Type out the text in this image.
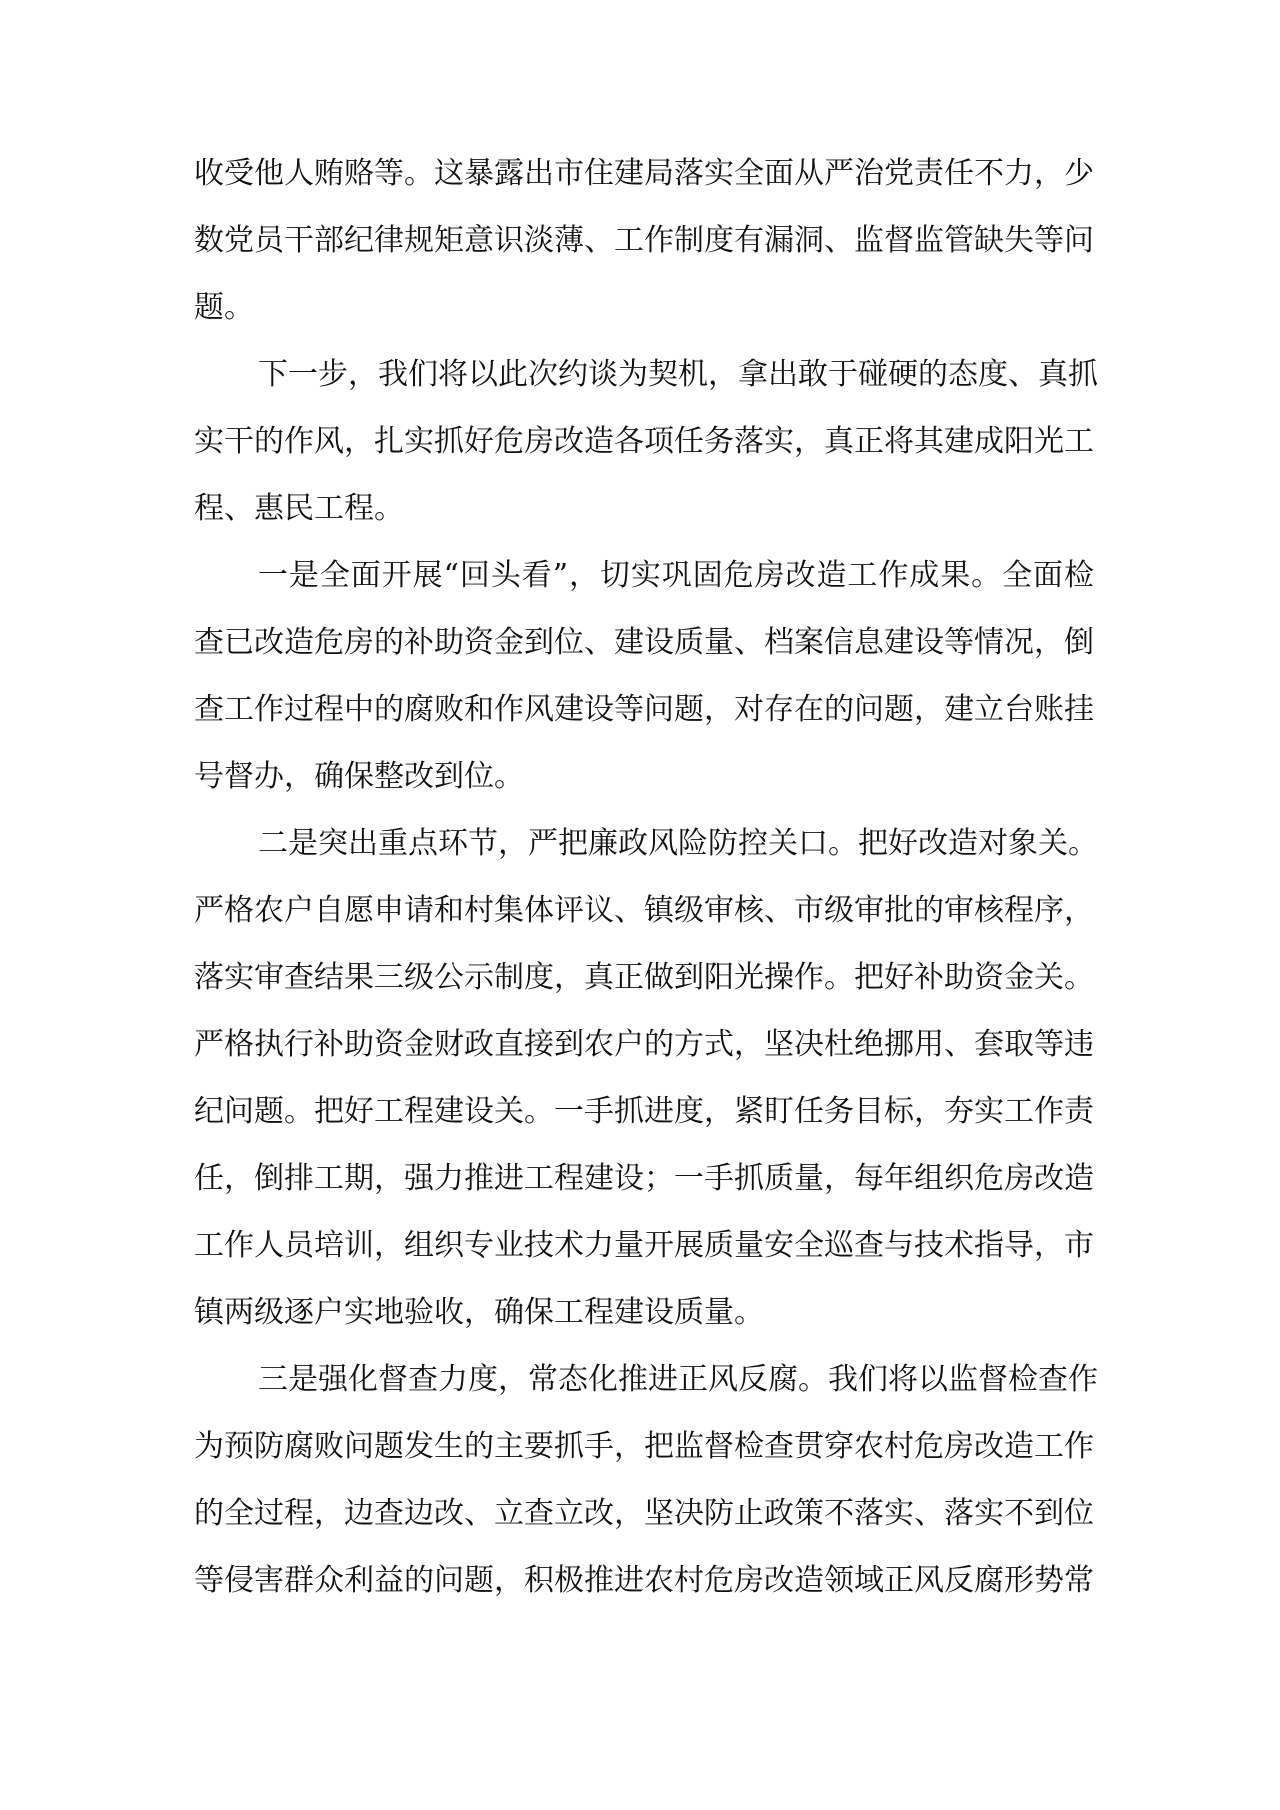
收受他人贿赂等。这暴露出市住建局落实全面从严治党责任不力，少
数党员干部纪律规矩意识淡薄、工作制度有漏洞、监督监管缺失等问
题。
下一步，我们将以此次约谈为契机，拿出敢于碰硬的态度、真抓
实干的作风，扎实抓好危房改造各项任务落实，真正将其建成阳光工
程、惠民工程。
一是全面开展“回头看”，切实巩固危房改造工作成果。全面检
查已改造危房的补助资金到位、建设质量、档案信息建设等情况，倒
查工作过程中的腐败和作风建设等问题，对存在的问题，建立台账挂
号督办，确保整改到位。
二是突出重点环节，严把廉政风险防控关口。把好改造对象关。
严格农户自愿申请和村集体评议、镇级审核、市级审批的审核程序，
落实审查结果三级公示制度，真正做到阳光操作。把好补助资金关。
严格执行补助资金财政直接到农户的方式，坚决杜绝挪用、套取等违
纪问题。把好工程建设关。一手抓进度，紧盯任务目标，夯实工作责
任，倒排工期，强力推进工程建设；一手抓质量，每年组织危房改造
工作人员培训，组织专业技术力量开展质量安全巡查与技术指导，市
镇两级逐户实地验收，确保工程建设质量。
三是强化督查力度，常态化推进正风反腐。我们将以监督检查作
为预防腐败问题发生的主要抓手，把监督检查贯穿农村危房改造工作
的全过程，边查边改、立查立改，坚决防止政策不落实、落实不到位
等侵害群众利益的问题，积极推进农村危房改造领域正风反腐形势常
